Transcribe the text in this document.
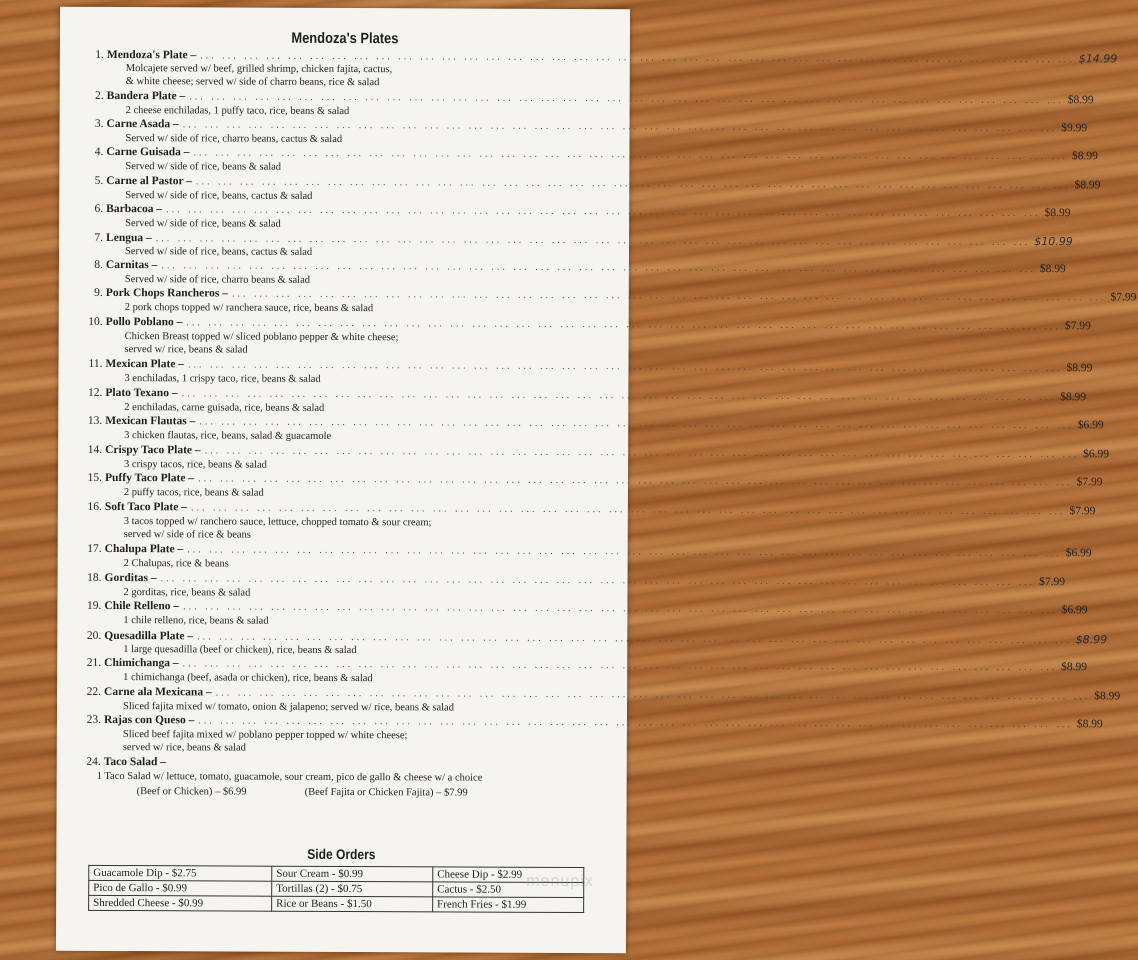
Mendoza's Plates
1. Mendoza's Plate – ... ... ... ... ... ... ... ... ... ... ... ... ... ... ... ... ... ... ... ... ... ... ... ... ... ... ... ... ... ... ... ... ... ... ... ... ... ... ... ... $14.99
Molcajete served w/ beef, grilled shrimp, chicken fajita, cactus,
& white cheese; served w/ side of charro beans, rice & salad
2. Bandera Plate – ... ... ... ... ... ... ... ... ... ... ... ... ... ... ... ... ... ... ... ... ... ... ... ... ... ... ... ... ... ... ... ... ... ... ... ... ... ... ... ... $8.99
2 cheese enchiladas, 1 puffy taco, rice, beans & salad
3. Carne Asada – ... ... ... ... ... ... ... ... ... ... ... ... ... ... ... ... ... ... ... ... ... ... ... ... ... ... ... ... ... ... ... ... ... ... ... ... ... ... ... ... $9.99
Served w/ side of rice, charro beans, cactus & salad
4. Carne Guisada – ... ... ... ... ... ... ... ... ... ... ... ... ... ... ... ... ... ... ... ... ... ... ... ... ... ... ... ... ... ... ... ... ... ... ... ... ... ... ... ... $8.99
Served w/ side of rice, beans & salad
5. Carne al Pastor – ... ... ... ... ... ... ... ... ... ... ... ... ... ... ... ... ... ... ... ... ... ... ... ... ... ... ... ... ... ... ... ... ... ... ... ... ... ... ... ... $8.99
Served w/ side of rice, beans, cactus & salad
6. Barbacoa – ... ... ... ... ... ... ... ... ... ... ... ... ... ... ... ... ... ... ... ... ... ... ... ... ... ... ... ... ... ... ... ... ... ... ... ... ... ... ... ... $8.99
Served w/ side of rice, beans & salad
7. Lengua – ... ... ... ... ... ... ... ... ... ... ... ... ... ... ... ... ... ... ... ... ... ... ... ... ... ... ... ... ... ... ... ... ... ... ... ... ... ... ... ... $10.99
Served w/ side of rice, beans, cactus & salad
8. Carnitas – ... ... ... ... ... ... ... ... ... ... ... ... ... ... ... ... ... ... ... ... ... ... ... ... ... ... ... ... ... ... ... ... ... ... ... ... ... ... ... ... $8.99
Served w/ side of rice, charro beans & salad
9. Pork Chops Rancheros – ... ... ... ... ... ... ... ... ... ... ... ... ... ... ... ... ... ... ... ... ... ... ... ... ... ... ... ... ... ... ... ... ... ... ... ... ... ... ... ... $7.99
2 pork chops topped w/ ranchera sauce, rice, beans & salad
10. Pollo Poblano – ... ... ... ... ... ... ... ... ... ... ... ... ... ... ... ... ... ... ... ... ... ... ... ... ... ... ... ... ... ... ... ... ... ... ... ... ... ... ... ... $7.99
Chicken Breast topped w/ sliced poblano pepper & white cheese;
served w/ rice, beans & salad
11. Mexican Plate – ... ... ... ... ... ... ... ... ... ... ... ... ... ... ... ... ... ... ... ... ... ... ... ... ... ... ... ... ... ... ... ... ... ... ... ... ... ... ... ... $8.99
3 enchiladas, 1 crispy taco, rice, beans & salad
12. Plato Texano – ... ... ... ... ... ... ... ... ... ... ... ... ... ... ... ... ... ... ... ... ... ... ... ... ... ... ... ... ... ... ... ... ... ... ... ... ... ... ... ... $8.99
2 enchiladas, carne guisada, rice, beans & salad
13. Mexican Flautas – ... ... ... ... ... ... ... ... ... ... ... ... ... ... ... ... ... ... ... ... ... ... ... ... ... ... ... ... ... ... ... ... ... ... ... ... ... ... ... ... $6.99
3 chicken flautas, rice, beans, salad & guacamole
14. Crispy Taco Plate – ... ... ... ... ... ... ... ... ... ... ... ... ... ... ... ... ... ... ... ... ... ... ... ... ... ... ... ... ... ... ... ... ... ... ... ... ... ... ... ... $6.99
3 crispy tacos, rice, beans & salad
15. Puffy Taco Plate – ... ... ... ... ... ... ... ... ... ... ... ... ... ... ... ... ... ... ... ... ... ... ... ... ... ... ... ... ... ... ... ... ... ... ... ... ... ... ... ... $7.99
2 puffy tacos, rice, beans & salad
16. Soft Taco Plate – ... ... ... ... ... ... ... ... ... ... ... ... ... ... ... ... ... ... ... ... ... ... ... ... ... ... ... ... ... ... ... ... ... ... ... ... ... ... ... ... $7.99
3 tacos topped w/ ranchero sauce, lettuce, chopped tomato & sour cream;
served w/ side of rice & beans
17. Chalupa Plate – ... ... ... ... ... ... ... ... ... ... ... ... ... ... ... ... ... ... ... ... ... ... ... ... ... ... ... ... ... ... ... ... ... ... ... ... ... ... ... ... $6.99
2 Chalupas, rice & beans
18. Gorditas – ... ... ... ... ... ... ... ... ... ... ... ... ... ... ... ... ... ... ... ... ... ... ... ... ... ... ... ... ... ... ... ... ... ... ... ... ... ... ... ... $7.99
2 gorditas, rice, beans & salad
19. Chile Relleno – ... ... ... ... ... ... ... ... ... ... ... ... ... ... ... ... ... ... ... ... ... ... ... ... ... ... ... ... ... ... ... ... ... ... ... ... ... ... ... ... $6.99
1 chile relleno, rice, beans & salad
20. Quesadilla Plate – ... ... ... ... ... ... ... ... ... ... ... ... ... ... ... ... ... ... ... ... ... ... ... ... ... ... ... ... ... ... ... ... ... ... ... ... ... ... ... ... $8.99
1 large quesadilla (beef or chicken), rice, beans & salad
21. Chimichanga – ... ... ... ... ... ... ... ... ... ... ... ... ... ... ... ... ... ... ... ... ... ... ... ... ... ... ... ... ... ... ... ... ... ... ... ... ... ... ... ... $8.99
1 chimichanga (beef, asada or chicken), rice, beans & salad
22. Carne ala Mexicana – ... ... ... ... ... ... ... ... ... ... ... ... ... ... ... ... ... ... ... ... ... ... ... ... ... ... ... ... ... ... ... ... ... ... ... ... ... ... ... ... $8.99
Sliced fajita mixed w/ tomato, onion & jalapeno; served w/ rice, beans & salad
23. Rajas con Queso – ... ... ... ... ... ... ... ... ... ... ... ... ... ... ... ... ... ... ... ... ... ... ... ... ... ... ... ... ... ... ... ... ... ... ... ... ... ... ... ... $8.99
Sliced beef fajita mixed w/ poblano pepper topped w/ white cheese;
served w/ rice, beans & salad
24. Taco Salad –
1 Taco Salad w/ lettuce, tomato, guacamole, sour cream, pico de gallo & cheese w/ a choice
(Beef or Chicken) – $6.99	(Beef Fajita or Chicken Fajita) – $7.99
Side Orders
Guacamole Dip - $2.75	Sour Cream - $0.99	Cheese Dip - $2.99
Pico de Gallo - $0.99	Tortillas (2) - $0.75	Cactus - $2.50
Shredded Cheese - $0.99	Rice or Beans - $1.50	French Fries - $1.99
menupix
